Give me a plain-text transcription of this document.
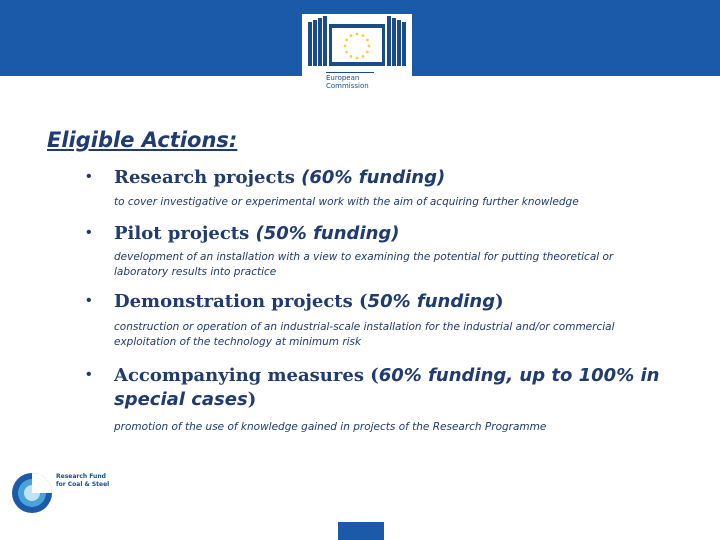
European
Commission
Eligible Actions:
• Research projects (60% funding)
to cover investigative or experimental work with the aim of acquiring further knowledge
• Pilot projects (50% funding)
development of an installation with a view to examining the potential for putting theoretical or laboratory results into practice
• Demonstration projects (50% funding)
construction or operation of an industrial-scale installation for the industrial and/or commercial exploitation of the technology at minimum risk
• Accompanying measures (60% funding, up to 100% in special cases)
promotion of the use of knowledge gained in projects of the Research Programme
Research Fund for Coal & Steel
